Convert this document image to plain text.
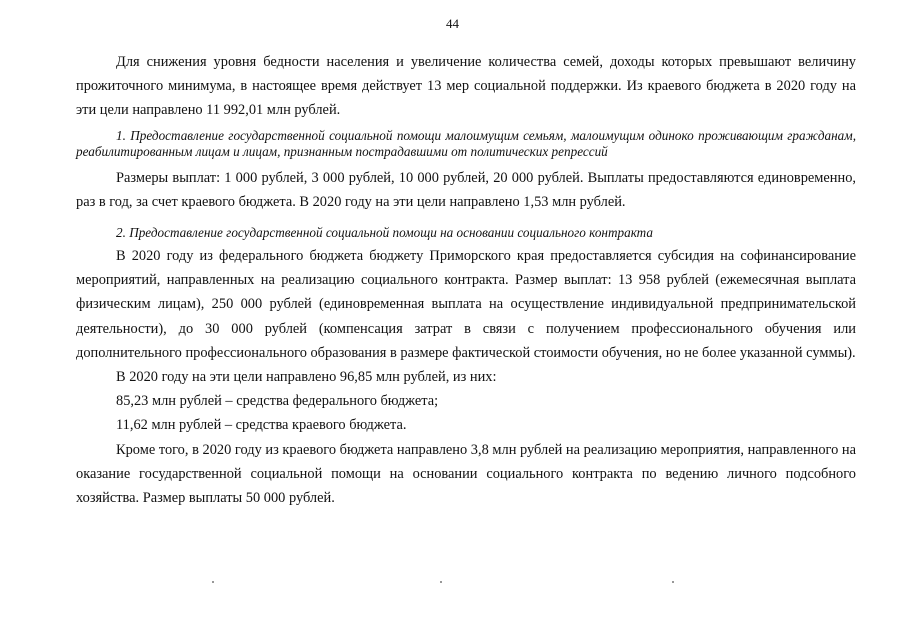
44

Для снижения уровня бедности населения и увеличение количества семей, доходы которых превышают величину прожиточного минимума, в настоящее время действует 13 мер социальной поддержки. Из краевого бюджета в 2020 году на эти цели направлено 11 992,01 млн рублей.

1. Предоставление государственной социальной помощи малоимущим семьям, малоимущим одиноко проживающим гражданам, реабилитированным лицам и лицам, признанным пострадавшими от политических репрессий

Размеры выплат: 1 000 рублей, 3 000 рублей, 10 000 рублей, 20 000 рублей. Выплаты предоставляются единовременно, раз в год, за счет краевого бюджета. В 2020 году на эти цели направлено 1,53 млн рублей.

2. Предоставление государственной социальной помощи на основании социального контракта

В 2020 году из федерального бюджета бюджету Приморского края предоставляется субсидия на софинансирование мероприятий, направленных на реализацию социального контракта. Размер выплат: 13 958 рублей (ежемесячная выплата физическим лицам), 250 000 рублей (единовременная выплата на осуществление индивидуальной предпринимательской деятельности), до 30 000 рублей (компенсация затрат в связи с получением профессионального обучения или дополнительного профессионального образования в размере фактической стоимости обучения, но не более указанной суммы).

В 2020 году на эти цели направлено 96,85 млн рублей, из них:

85,23 млн рублей – средства федерального бюджета;

11,62 млн рублей – средства краевого бюджета.

Кроме того, в 2020 году из краевого бюджета направлено 3,8 млн рублей на реализацию мероприятия, направленного на оказание государственной социальной помощи на основании социального контракта по ведению личного подсобного хозяйства. Размер выплаты 50 000 рублей.
